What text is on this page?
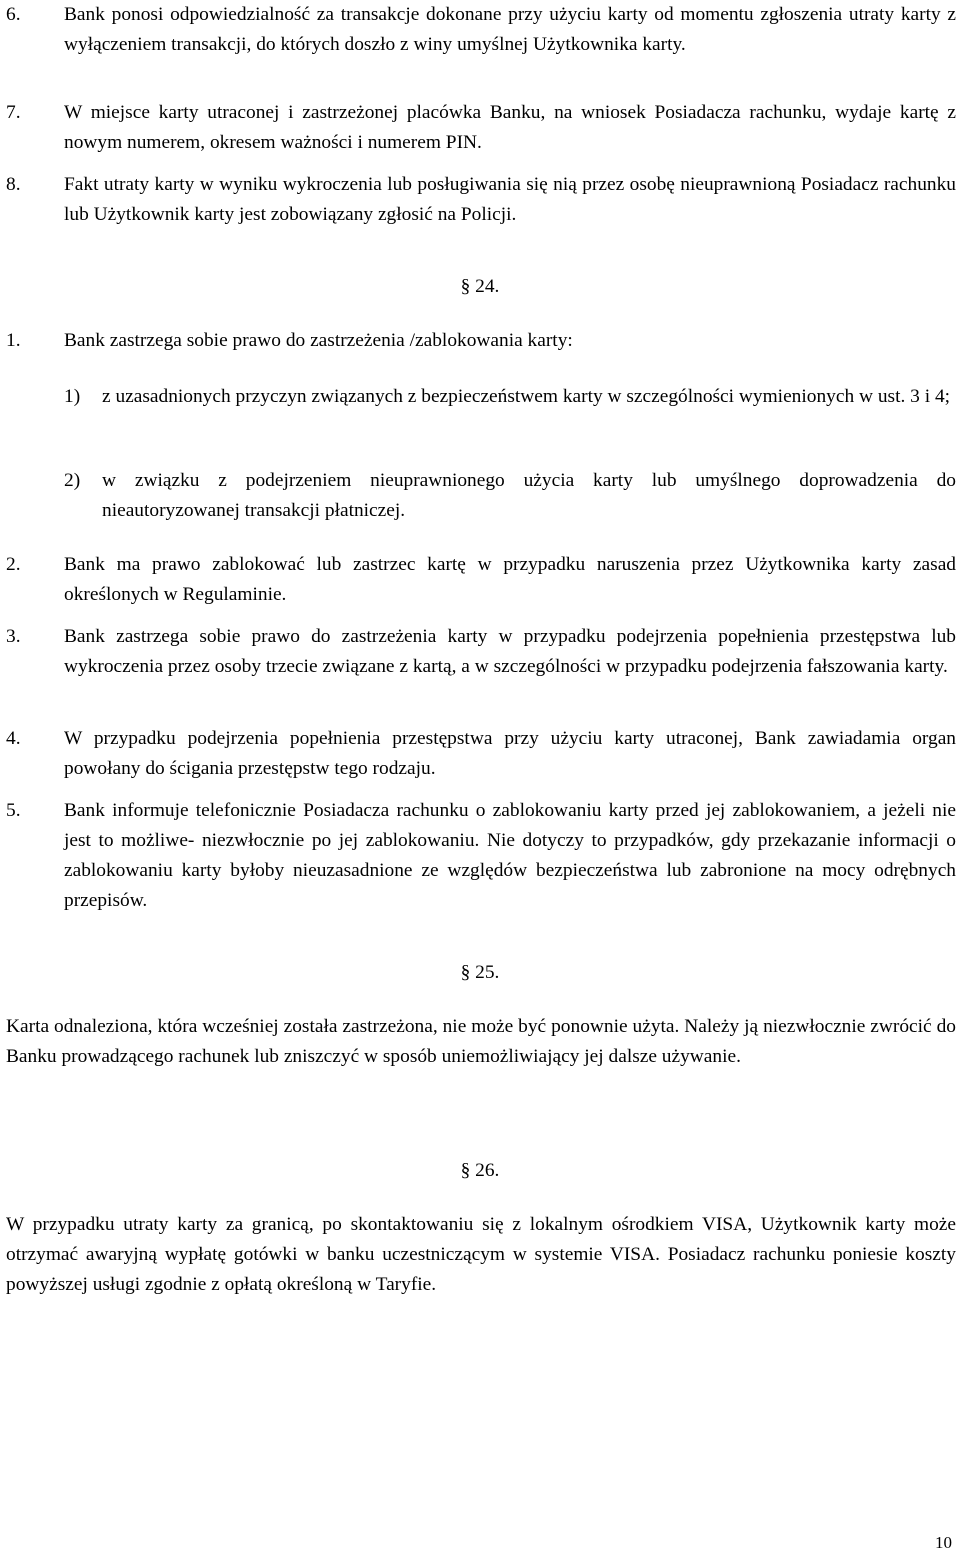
6. Bank ponosi odpowiedzialność za transakcje dokonane przy użyciu karty od momentu zgłoszenia utraty karty z wyłączeniem transakcji, do których doszło z winy umyślnej Użytkownika karty.
7. W miejsce karty utraconej i zastrzeżonej placówka Banku, na wniosek Posiadacza rachunku, wydaje kartę z nowym numerem, okresem ważności i numerem PIN.
8. Fakt utraty karty w wyniku wykroczenia lub posługiwania się nią przez osobę nieuprawnioną Posiadacz rachunku lub Użytkownik karty jest zobowiązany zgłosić na Policji.
§ 24.
1. Bank zastrzega sobie prawo do zastrzeżenia /zablokowania karty:
1) z uzasadnionych przyczyn związanych z bezpieczeństwem karty w szczególności wymienionych w ust. 3 i 4;
2) w związku z podejrzeniem nieuprawnionego użycia karty lub umyślnego doprowadzenia do nieautoryzowanej transakcji płatniczej.
2. Bank ma prawo zablokować lub zastrzec kartę w przypadku naruszenia przez Użytkownika karty zasad określonych w Regulaminie.
3. Bank zastrzega sobie prawo do zastrzeżenia karty w przypadku podejrzenia popełnienia przestępstwa lub wykroczenia przez osoby trzecie związane z kartą, a w szczególności w przypadku podejrzenia fałszowania karty.
4. W przypadku podejrzenia popełnienia przestępstwa przy użyciu karty utraconej, Bank zawiadamia organ powołany do ścigania przestępstw tego rodzaju.
5. Bank informuje telefonicznie Posiadacza rachunku o zablokowaniu karty przed jej zablokowaniem, a jeżeli nie jest to możliwe- niezwłocznie po jej zablokowaniu. Nie dotyczy to przypadków, gdy przekazanie informacji o zablokowaniu karty byłoby nieuzasadnione ze względów bezpieczeństwa lub zabronione na mocy odrębnych przepisów.
§ 25.
Karta odnaleziona, która wcześniej została zastrzeżona, nie może być ponownie użyta. Należy ją niezwłocznie zwrócić do Banku prowadzącego rachunek lub zniszczyć w sposób uniemożliwiający jej dalsze używanie.
§ 26.
W przypadku utraty karty za granicą, po skontaktowaniu się z lokalnym ośrodkiem VISA, Użytkownik karty może otrzymać awaryjną wypłatę gotówki w banku uczestniczącym w systemie VISA. Posiadacz rachunku poniesie koszty powyższej usługi zgodnie z opłatą określoną w Taryfie.
10
